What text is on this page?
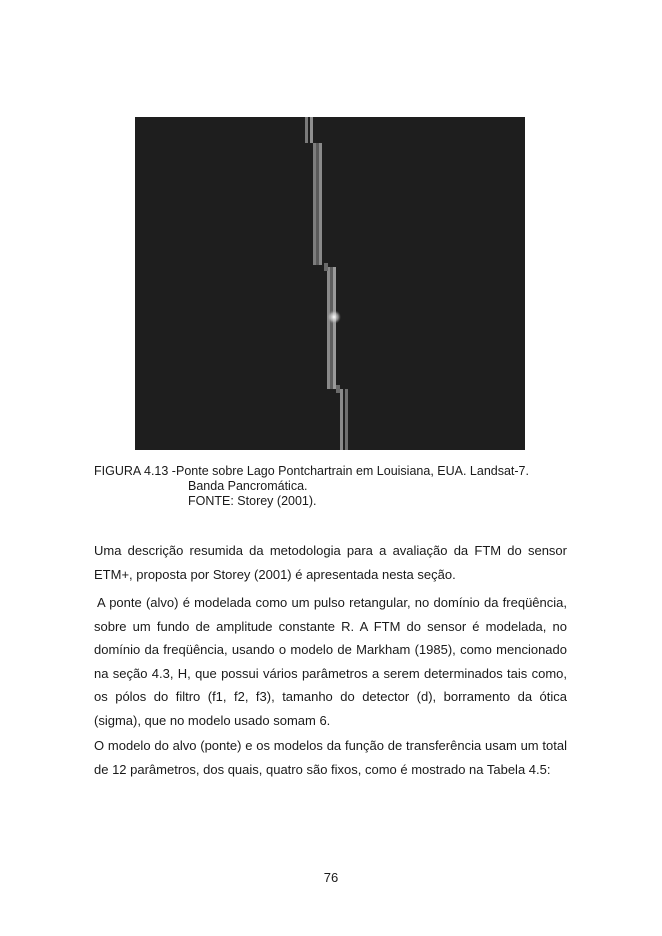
FIGURA 4.13 - Ponte sobre Lago Pontchartrain em Louisiana, EUA. Landsat-7.
Banda Pancromática.
FONTE: Storey (2001).

Uma descrição resumida da metodologia para a avaliação da FTM do sensor ETM+, proposta por Storey (2001) é apresentada nesta seção.

A ponte (alvo) é modelada como um pulso retangular, no domínio da freqüência, sobre um fundo de amplitude constante R. A FTM do sensor é modelada, no domínio da freqüência, usando o modelo de Markham (1985), como mencionado na seção 4.3, H, que possui vários parâmetros a serem determinados tais como, os pólos do filtro (f1, f2, f3), tamanho do detector (d), borramento da ótica (sigma), que no modelo usado somam 6.

O modelo do alvo (ponte) e os modelos da função de transferência usam um total de 12 parâmetros, dos quais, quatro são fixos, como é mostrado na Tabela 4.5:

76
